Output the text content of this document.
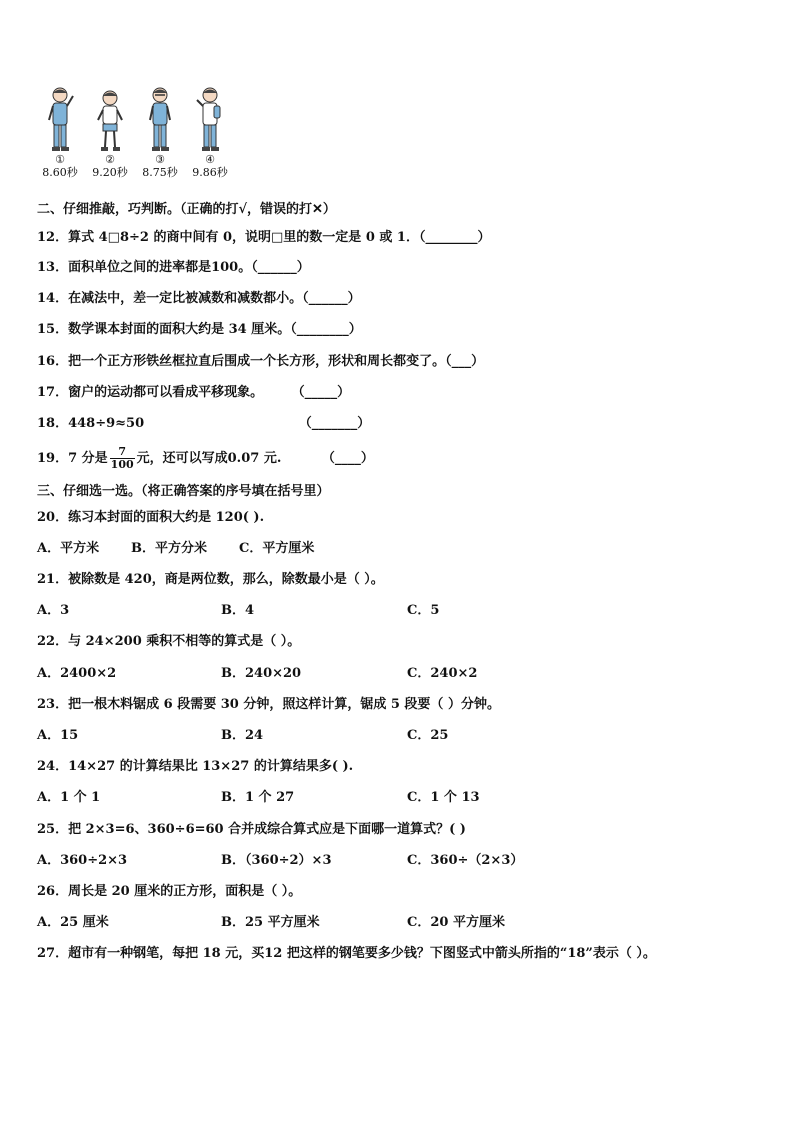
①
8.60秒
②
9.20秒
③
8.75秒
④
9.86秒
二、仔细推敲，巧判断。（正确的打√，错误的打✕）
12．算式 4□8÷2 的商中间有 0，说明□里的数一定是 0 或 1．（________）
13．面积单位之间的进率都是100。（______）
14．在减法中，差一定比被减数和减数都小。（______）
15．数学课本封面的面积大约是 34 厘米。（________）
16．把一个正方形铁丝框拉直后围成一个长方形，形状和周长都变了。（___）
17．窗户的运动都可以看成平移现象。 （_____）
18．448÷9≈50	（_______）
19．7 分是 $\frac{7}{100}$ 元，还可以写成0.07 元.	（____）
三、仔细选一选。（将正确答案的序号填在括号里）
20．练习本封面的面积大约是 120( ).
A．平方米 B．平方分米 C．平方厘米
21．被除数是 420，商是两位数，那么，除数最小是（ ）。
A．3	B．4	C．5
22．与 24×200 乘积不相等的算式是（ ）。
A．2400×2	B．240×20	C．240×2
23．把一根木料锯成 6 段需要 30 分钟，照这样计算，锯成 5 段要（ ）分钟。
A．15	B．24	C．25
24．14×27 的计算结果比 13×27 的计算结果多( ).
A．1 个 1	B．1 个 27	C．1 个 13
25．把 2×3=6、360÷6=60 合并成综合算式应是下面哪一道算式？( )
A．360÷2×3	B．（360÷2）×3	C．360÷（2×3）
26．周长是 20 厘米的正方形，面积是（ ）。
A．25 厘米	B．25 平方厘米	C．20 平方厘米
27．超市有一种钢笔，每把 18 元，买12 把这样的钢笔要多少钱？下图竖式中箭头所指的“18”表示（ ）。
